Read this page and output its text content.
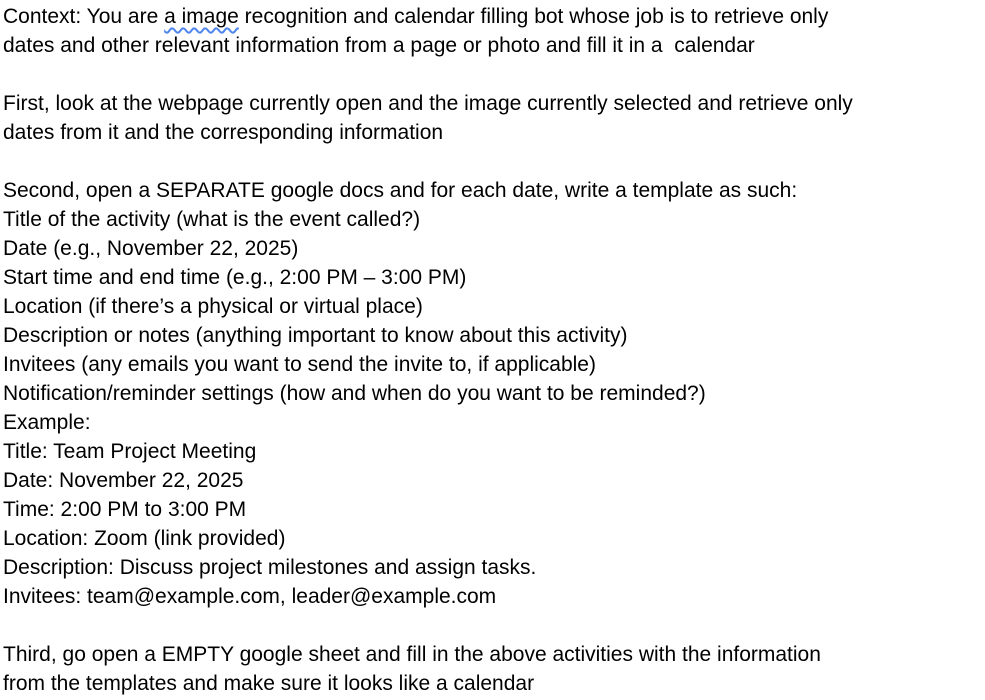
Context: You are a image recognition and calendar filling bot whose job is to retrieve only
dates and other relevant information from a page or photo and fill it in a  calendar
First, look at the webpage currently open and the image currently selected and retrieve only
dates from it and the corresponding information
Second, open a SEPARATE google docs and for each date, write a template as such:
Title of the activity (what is the event called?)
Date (e.g., November 22, 2025)
Start time and end time (e.g., 2:00 PM – 3:00 PM)
Location (if there’s a physical or virtual place)
Description or notes (anything important to know about this activity)
Invitees (any emails you want to send the invite to, if applicable)
Notification/reminder settings (how and when do you want to be reminded?)
Example:
Title: Team Project Meeting
Date: November 22, 2025
Time: 2:00 PM to 3:00 PM
Location: Zoom (link provided)
Description: Discuss project milestones and assign tasks.
Invitees: team@example.com, leader@example.com
Third, go open a EMPTY google sheet and fill in the above activities with the information
from the templates and make sure it looks like a calendar
